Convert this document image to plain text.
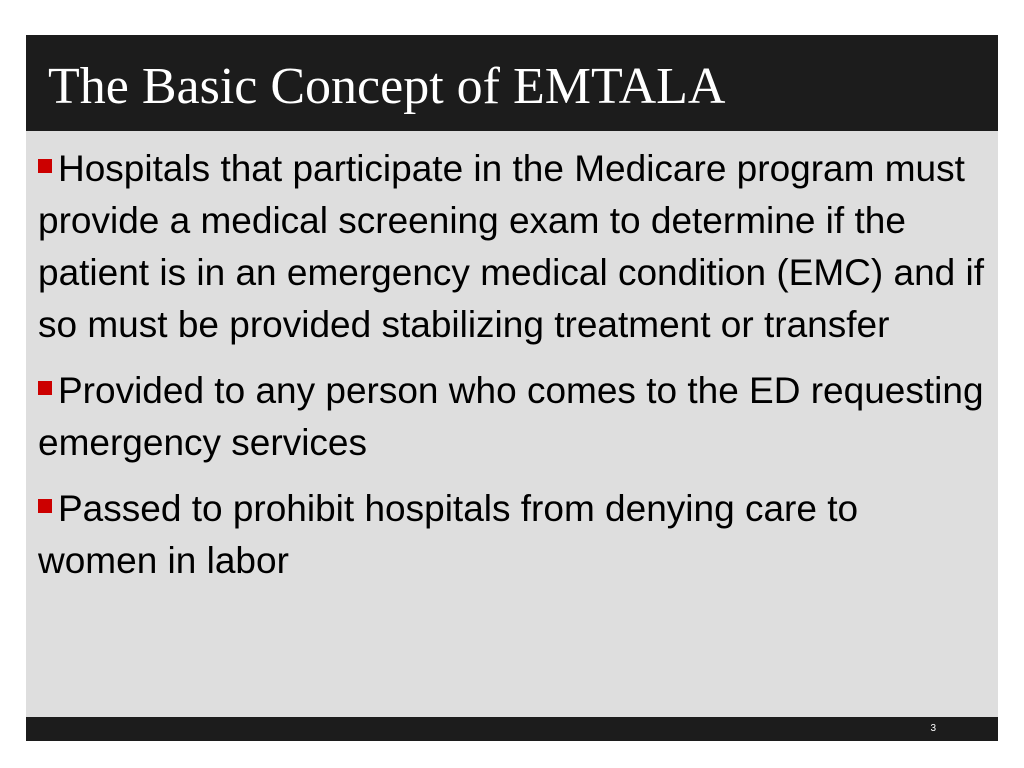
The Basic Concept of EMTALA
Hospitals that participate in the Medicare program must provide a medical screening exam to determine if the patient is in an emergency medical condition (EMC) and if so must be provided stabilizing treatment or transfer
Provided to any person who comes to the ED requesting emergency services
Passed to prohibit hospitals from denying care to women in labor
3
